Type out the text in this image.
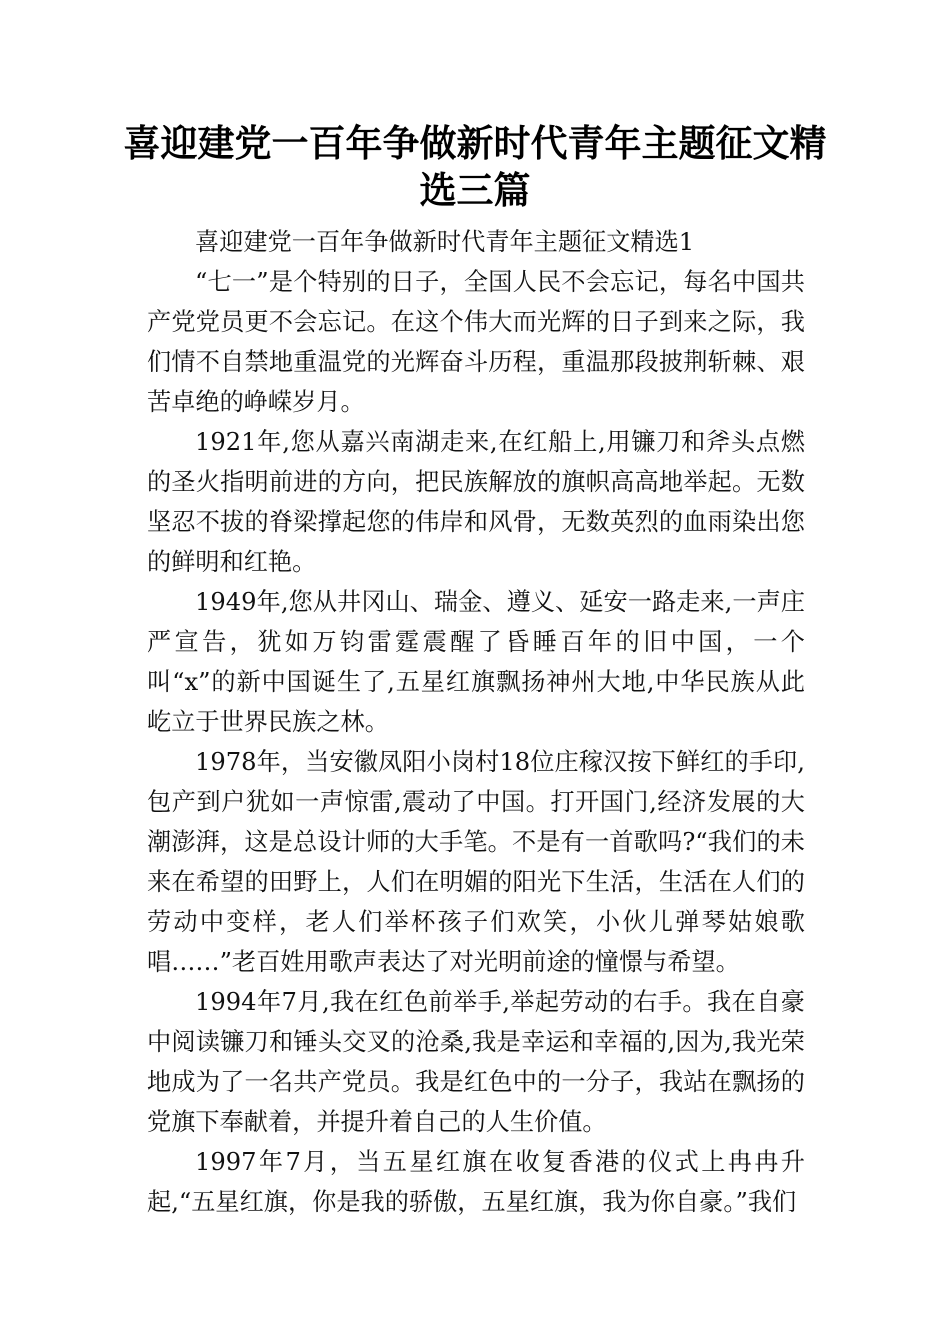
喜迎建党一百年争做新时代青年主题征文精
选三篇

喜迎建党一百年争做新时代青年主题征文精选1

“七一”是个特别的日子，全国人民不会忘记，每名中国共产党党员更不会忘记。在这个伟大而光辉的日子到来之际，我们情不自禁地重温党的光辉奋斗历程，重温那段披荆斩棘、艰苦卓绝的峥嵘岁月。

1921年,您从嘉兴南湖走来,在红船上,用镰刀和斧头点燃的圣火指明前进的方向，把民族解放的旗帜高高地举起。无数坚忍不拔的脊梁撑起您的伟岸和风骨，无数英烈的血雨染出您的鲜明和红艳。

1949年,您从井冈山、瑞金、遵义、延安一路走来,一声庄严宣告，犹如万钧雷霆震醒了昏睡百年的旧中国，一个叫“x”的新中国诞生了,五星红旗飘扬神州大地,中华民族从此屹立于世界民族之林。

1978年，当安徽凤阳小岗村18位庄稼汉按下鲜红的手印,包产到户犹如一声惊雷,震动了中国。打开国门,经济发展的大潮澎湃，这是总设计师的大手笔。不是有一首歌吗?“我们的未来在希望的田野上，人们在明媚的阳光下生活，生活在人们的劳动中变样，老人们举杯孩子们欢笑，小伙儿弹琴姑娘歌唱……”老百姓用歌声表达了对光明前途的憧憬与希望。

1994年7月,我在红色前举手,举起劳动的右手。我在自豪中阅读镰刀和锤头交叉的沧桑,我是幸运和幸福的,因为,我光荣地成为了一名共产党员。我是红色中的一分子，我站在飘扬的党旗下奉献着，并提升着自己的人生价值。

1997年7月，当五星红旗在收复香港的仪式上冉冉升起,“五星红旗，你是我的骄傲，五星红旗，我为你自豪。”我们
